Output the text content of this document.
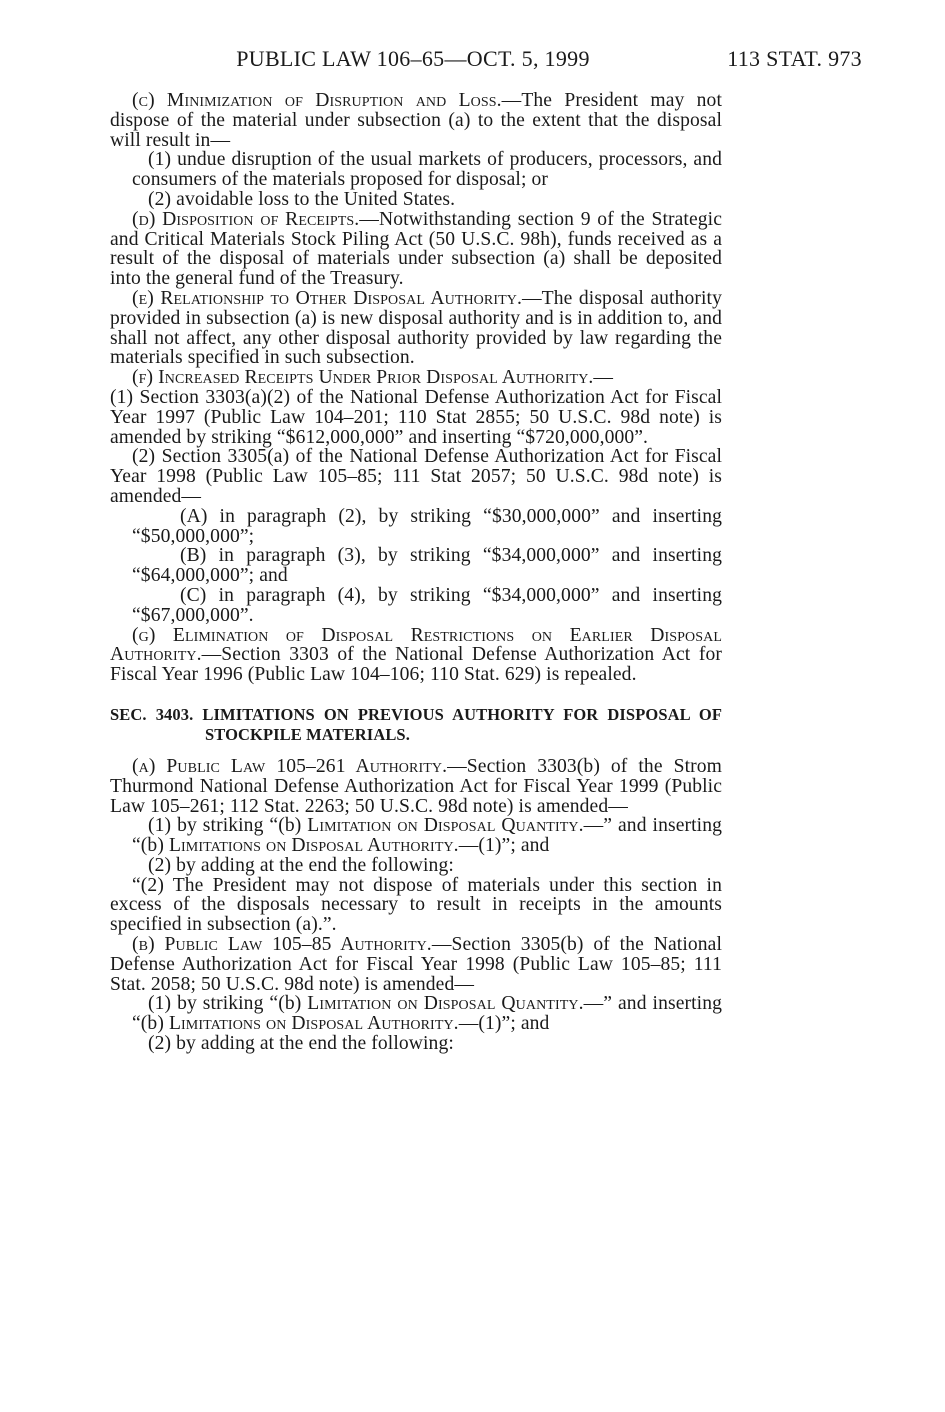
PUBLIC LAW 106–65—OCT. 5, 1999	113 STAT. 973

(c) Minimization of Disruption and Loss.—The President may not dispose of the material under subsection (a) to the extent that the disposal will result in—

(1) undue disruption of the usual markets of producers, processors, and consumers of the materials proposed for disposal; or

(2) avoidable loss to the United States.

(d) Disposition of Receipts.—Notwithstanding section 9 of the Strategic and Critical Materials Stock Piling Act (50 U.S.C. 98h), funds received as a result of the disposal of materials under subsection (a) shall be deposited into the general fund of the Treasury.

(e) Relationship to Other Disposal Authority.—The disposal authority provided in subsection (a) is new disposal authority and is in addition to, and shall not affect, any other disposal authority provided by law regarding the materials specified in such subsection.

(f) Increased Receipts Under Prior Disposal Authority.—

(1) Section 3303(a)(2) of the National Defense Authorization Act for Fiscal Year 1997 (Public Law 104–201; 110 Stat 2855; 50 U.S.C. 98d note) is amended by striking “$612,000,000” and inserting “$720,000,000”.

(2) Section 3305(a) of the National Defense Authorization Act for Fiscal Year 1998 (Public Law 105–85; 111 Stat 2057; 50 U.S.C. 98d note) is amended—

(A) in paragraph (2), by striking “$30,000,000” and inserting “$50,000,000”;

(B) in paragraph (3), by striking “$34,000,000” and inserting “$64,000,000”; and

(C) in paragraph (4), by striking “$34,000,000” and inserting “$67,000,000”.

(g) Elimination of Disposal Restrictions on Earlier Disposal Authority.—Section 3303 of the National Defense Authorization Act for Fiscal Year 1996 (Public Law 104–106; 110 Stat. 629) is repealed.

SEC. 3403. LIMITATIONS ON PREVIOUS AUTHORITY FOR DISPOSAL OF STOCKPILE MATERIALS.

(a) Public Law 105–261 Authority.—Section 3303(b) of the Strom Thurmond National Defense Authorization Act for Fiscal Year 1999 (Public Law 105–261; 112 Stat. 2263; 50 U.S.C. 98d note) is amended—

(1) by striking “(b) Limitation on Disposal Quantity.—” and inserting “(b) Limitations on Disposal Authority.—(1)”; and

(2) by adding at the end the following:

“(2) The President may not dispose of materials under this section in excess of the disposals necessary to result in receipts in the amounts specified in subsection (a).”.

(b) Public Law 105–85 Authority.—Section 3305(b) of the National Defense Authorization Act for Fiscal Year 1998 (Public Law 105–85; 111 Stat. 2058; 50 U.S.C. 98d note) is amended—

(1) by striking “(b) Limitation on Disposal Quantity.—” and inserting “(b) Limitations on Disposal Authority.—(1)”; and

(2) by adding at the end the following:
